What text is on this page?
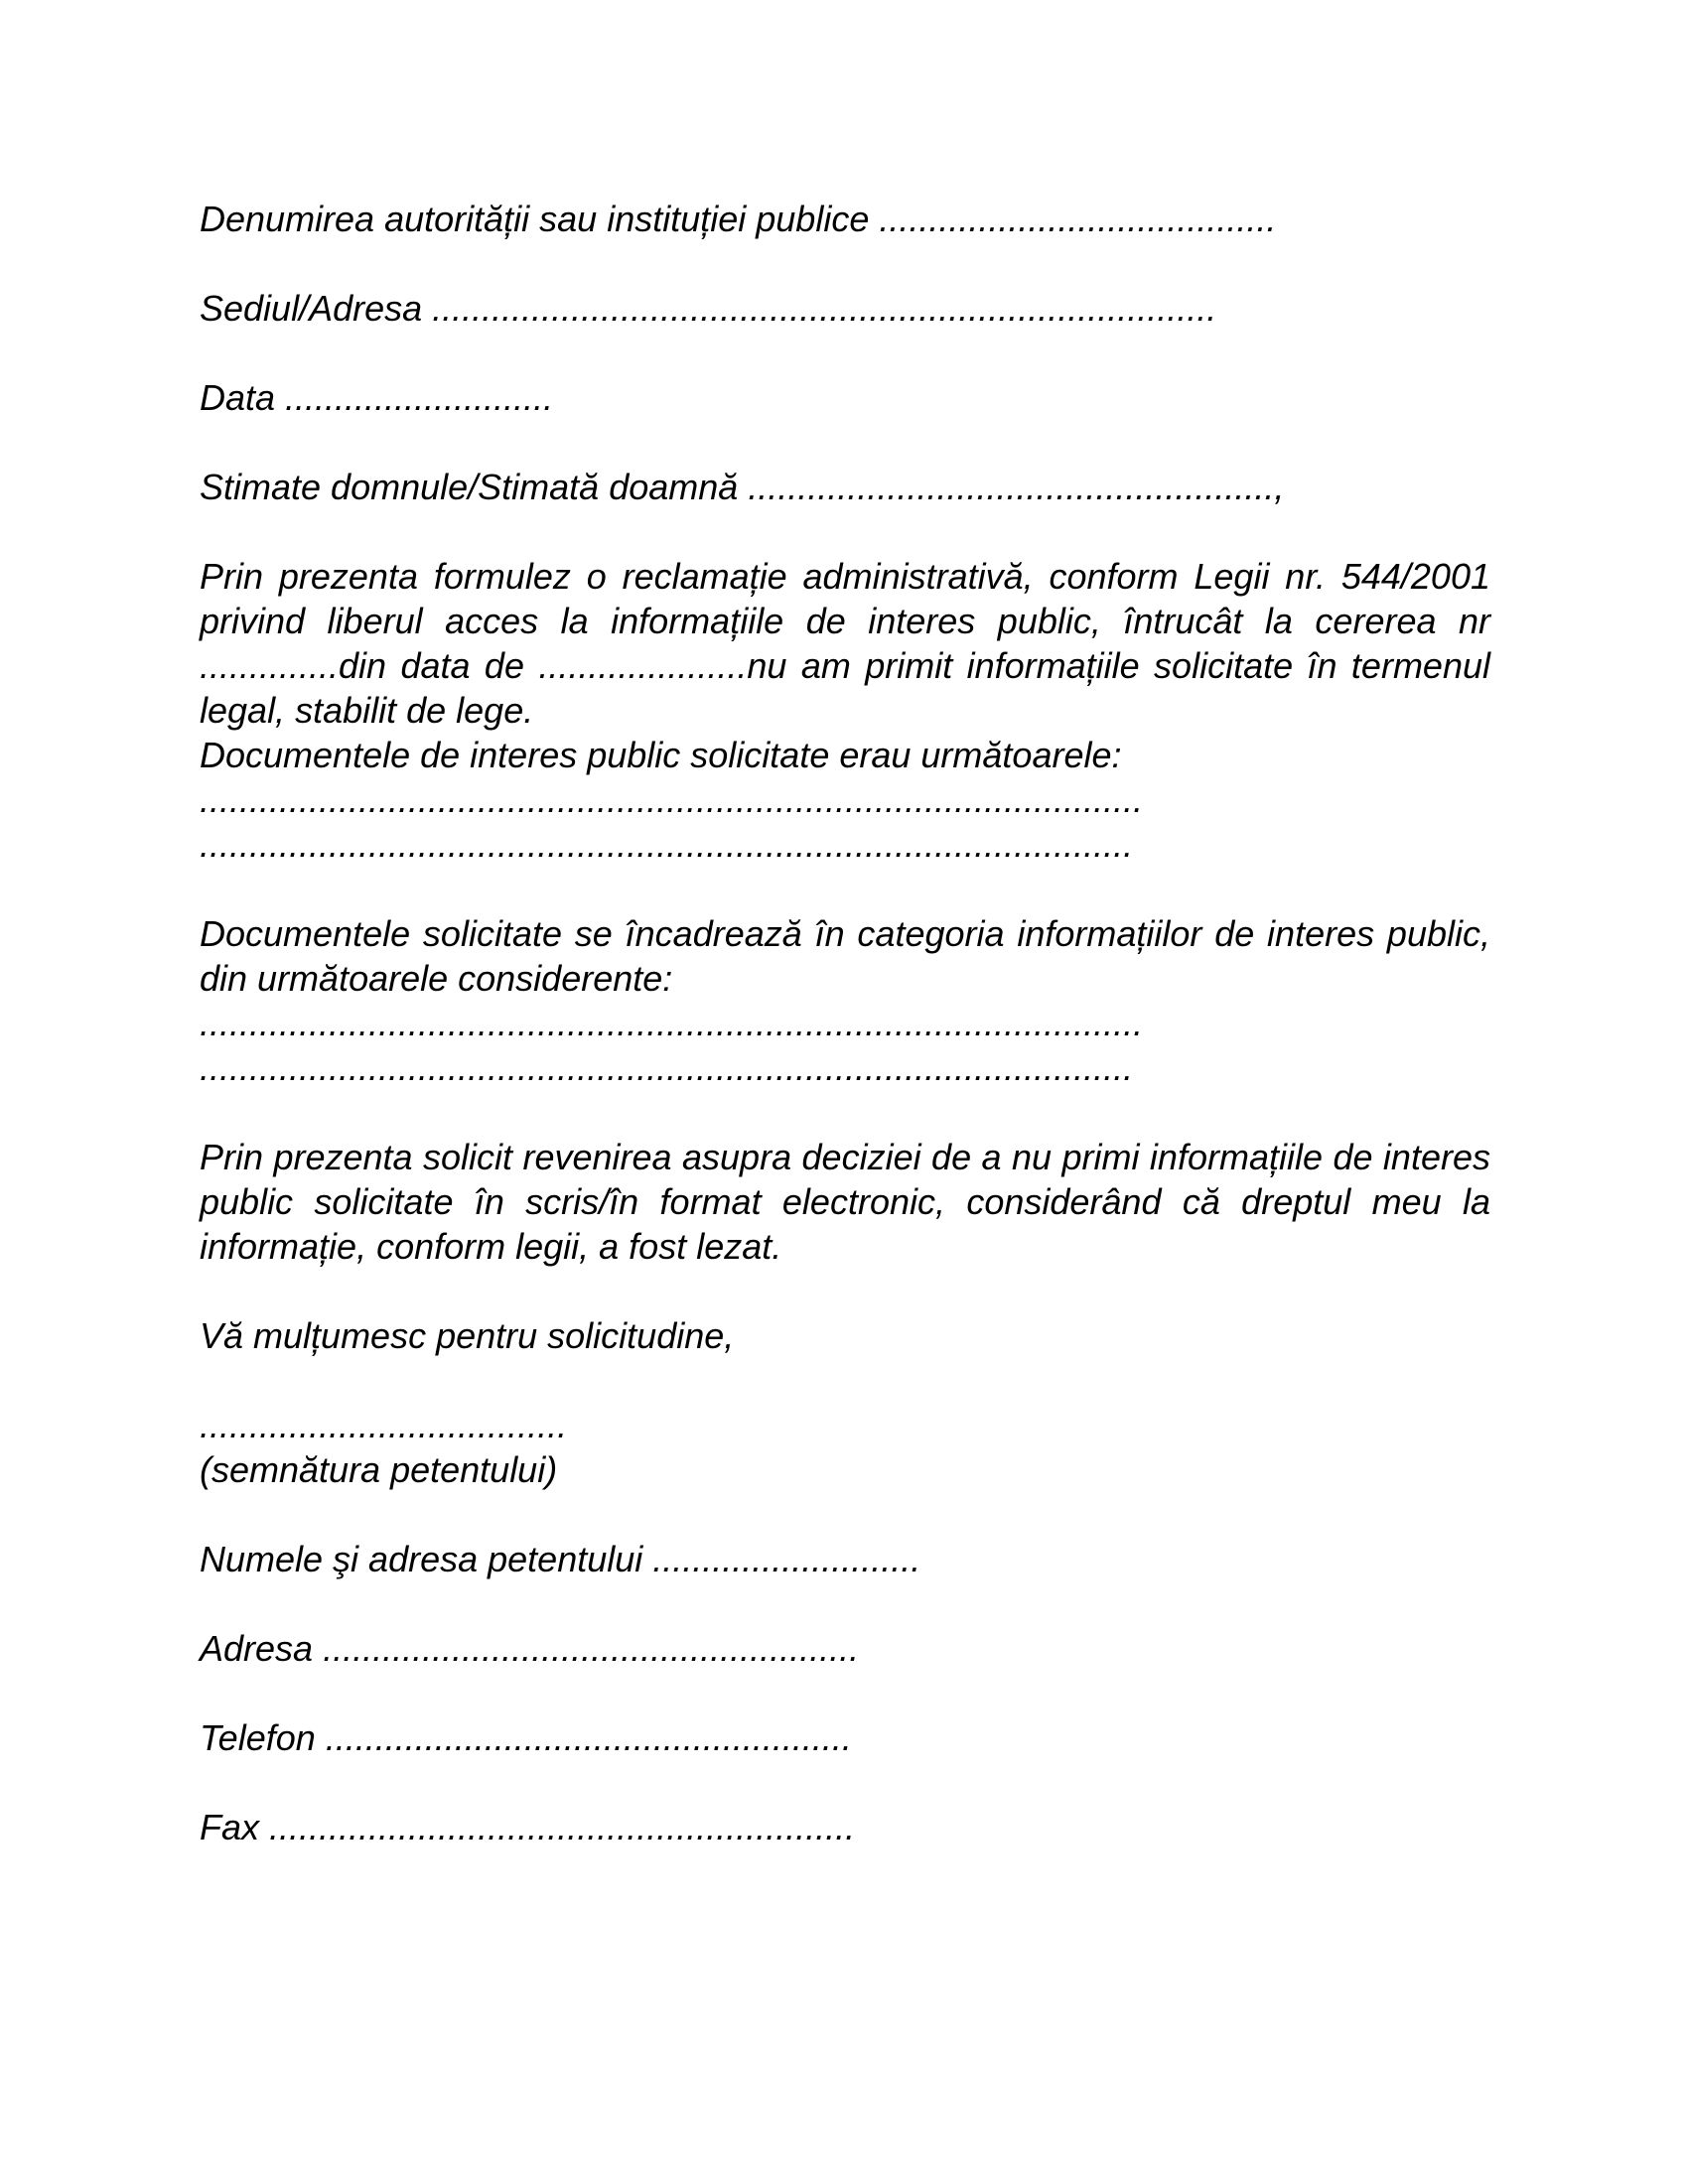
Denumirea autorității sau instituției publice ........................................

Sediul/Adresa ...............................................................................

Data ...........................

Stimate domnule/Stimată doamnă .....................................................,

Prin prezenta formulez o reclamație administrativă, conform Legii nr. 544/2001 privind liberul acces la informațiile de interes public, întrucât la cererea nr ..............din data de .....................nu am primit informațiile solicitate în termenul legal, stabilit de lege.

Documentele de interes public solicitate erau următoarele:

...............................................................................................

..............................................................................................

Documentele solicitate se încadrează în categoria informațiilor de interes public, din următoarele considerente:

...............................................................................................

..............................................................................................

Prin prezenta solicit revenirea asupra deciziei de a nu primi informațiile de interes public solicitate în scris/în format electronic, considerând că dreptul meu la informație, conform legii, a fost lezat.

Vă mulțumesc pentru solicitudine,

.....................................

(semnătura petentului)

Numele şi adresa petentului ...........................

Adresa ......................................................

Telefon .....................................................

Fax ...........................................................
